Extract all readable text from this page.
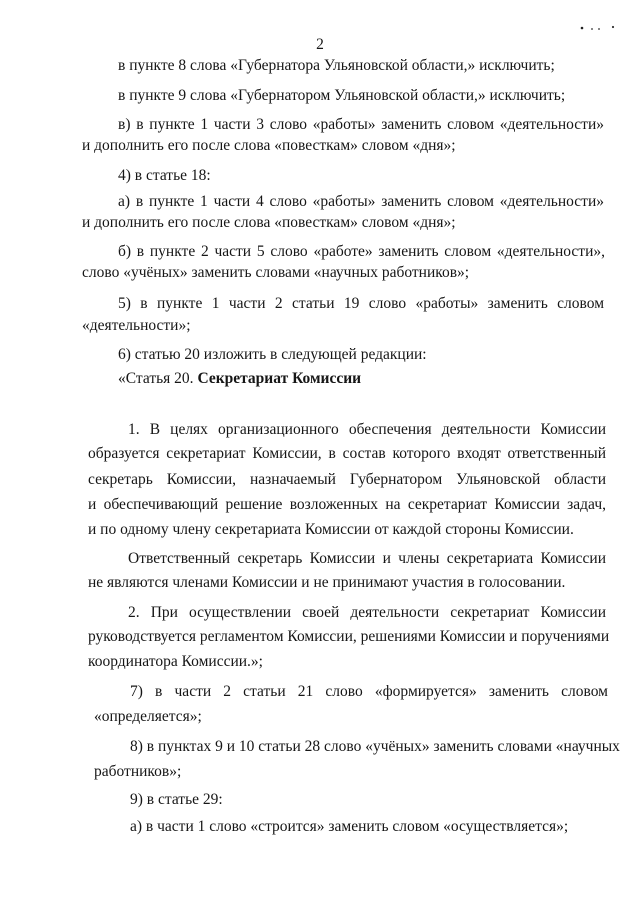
2
в пункте 8 слова «Губернатора Ульяновской области,» исключить;
в пункте 9 слова «Губернатором Ульяновской области,» исключить;
в) в пункте 1 части 3 слово «работы» заменить словом «деятельности»
и дополнить его после слова «повесткам» словом «дня»;
4) в статье 18:
а) в пункте 1 части 4 слово «работы» заменить словом «деятельности»
и дополнить его после слова «повесткам» словом «дня»;
б) в пункте 2 части 5 слово «работе» заменить словом «деятельности»,
слово «учёных» заменить словами «научных работников»;
5) в пункте 1 части 2 статьи 19 слово «работы» заменить словом
«деятельности»;
6) статью 20 изложить в следующей редакции:
«Статья 20. Секретариат Комиссии
1. В целях организационного обеспечения деятельности Комиссии
образуется секретариат Комиссии, в состав которого входят ответственный
секретарь Комиссии, назначаемый Губернатором Ульяновской области
и обеспечивающий решение возложенных на секретариат Комиссии задач,
и по одному члену секретариата Комиссии от каждой стороны Комиссии.
Ответственный секретарь Комиссии и члены секретариата Комиссии
не являются членами Комиссии и не принимают участия в голосовании.
2. При осуществлении своей деятельности секретариат Комиссии
руководствуется регламентом Комиссии, решениями Комиссии и поручениями
координатора Комиссии.»;
7) в части 2 статьи 21 слово «формируется» заменить словом
«определяется»;
8) в пунктах 9 и 10 статьи 28 слово «учёных» заменить словами «научных
работников»;
9) в статье 29:
а) в части 1 слово «строится» заменить словом «осуществляется»;
